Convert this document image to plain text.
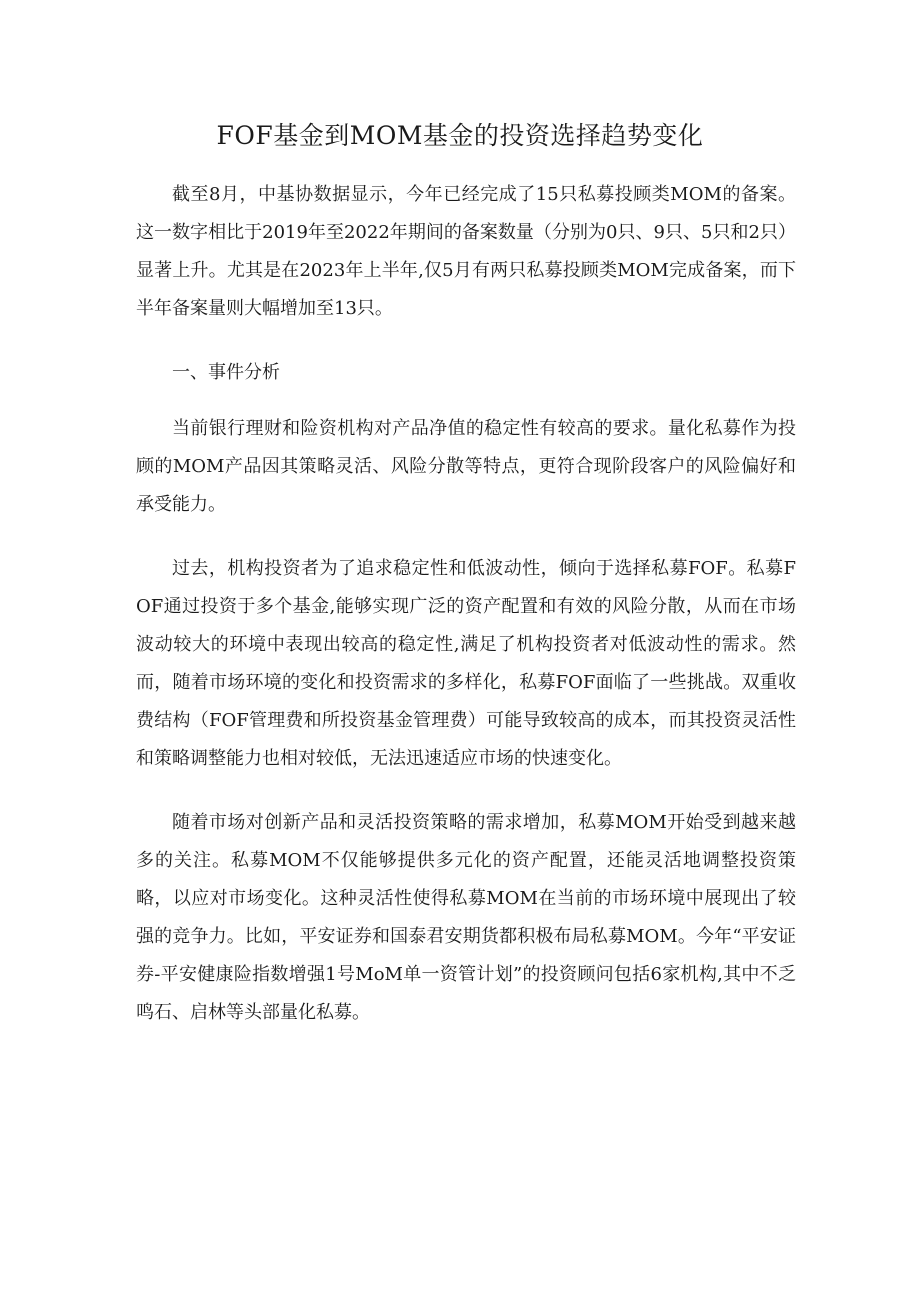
FOF基金到MOM基金的投资选择趋势变化

截至8月，中基协数据显示，今年已经完成了15只私募投顾类MOM的备案。这一数字相比于2019年至2022年期间的备案数量（分别为0只、9只、5只和2只）显著上升。尤其是在2023年上半年,仅5月有两只私募投顾类MOM完成备案，而下半年备案量则大幅增加至13只。

一、事件分析

当前银行理财和险资机构对产品净值的稳定性有较高的要求。量化私募作为投顾的MOM产品因其策略灵活、风险分散等特点，更符合现阶段客户的风险偏好和承受能力。

过去，机构投资者为了追求稳定性和低波动性，倾向于选择私募FOF。私募FOF通过投资于多个基金,能够实现广泛的资产配置和有效的风险分散，从而在市场波动较大的环境中表现出较高的稳定性,满足了机构投资者对低波动性的需求。然而，随着市场环境的变化和投资需求的多样化，私募FOF面临了一些挑战。双重收费结构（FOF管理费和所投资基金管理费）可能导致较高的成本，而其投资灵活性和策略调整能力也相对较低，无法迅速适应市场的快速变化。

随着市场对创新产品和灵活投资策略的需求增加，私募MOM开始受到越来越多的关注。私募MOM不仅能够提供多元化的资产配置，还能灵活地调整投资策略，以应对市场变化。这种灵活性使得私募MOM在当前的市场环境中展现出了较强的竞争力。比如，平安证券和国泰君安期货都积极布局私募MOM。今年“平安证券-平安健康险指数增强1号MoM单一资管计划”的投资顾问包括6家机构,其中不乏鸣石、启林等头部量化私募。
